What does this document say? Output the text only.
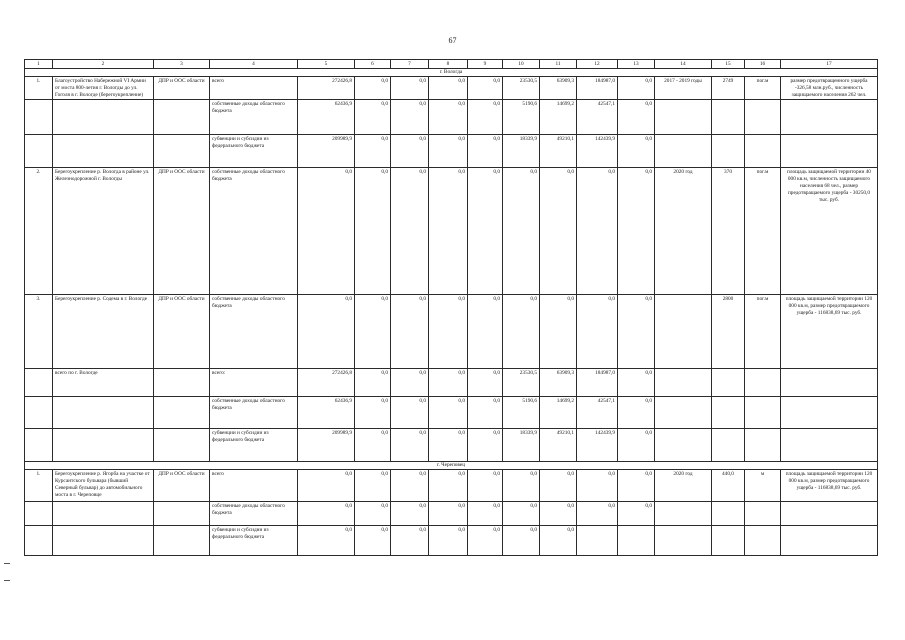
67
1	2	3	4	5	6	7	8	9	10	11	12	13	14	15	16	17
г. Вологда																
1.	Благоустройство Набережной VI Армии от моста 800-летия г. Вологды до ул. Гоголя в г. Вологде (берегоукрепление)	ДПР и ООС области	всего	272426,8	0,0	0,0	0,0	0,0	23530,5	63909,3	184987,0	0,0	2017 - 2019 годы	2749	пог.м	размер предотвращенного ущерба -326,58 млн.руб., численность защищаемого населения 262 чел.
			собственные доходы областного бюджета	62436,9	0,0	0,0	0,0	0,0	5190,6	14699,2	42547,1	0,0				
			субвенции и субсидии из федерального бюджета	209989,9	0,0	0,0	0,0	0,0	18339,9	49210,1	142439,9	0,0				
2.	Берегоукрепление р. Вологда в районе ул. Железнодорожной г. Вологды	ДПР и ООС области	собственные доходы областного бюджета	0,0	0,0	0,0	0,0	0,0	0,0	0,0	0,0	0,0	2020 год	370	пог.м	площадь защищаемой территории 40 000 кв.м, численность защищаемого населения 68 чел., размер предотвращаемого ущерба - 30250,0 тыс. руб.
3.	Берегоукрепление р. Содема в г. Вологде	ДПР и ООС области	собственные доходы областного бюджета	0,0	0,0	0,0	0,0	0,0	0,0	0,0	0,0	0,0		2800	пог.м	площадь защищаемой территории 120 000 кв.м, размер предотвращаемого ущерба - 116838,69 тыс. руб.
	всего по г. Вологде		всего:	272426,8	0,0	0,0	0,0	0,0	23530,5	63909,3	184987,0	0,0				
			собственные доходы областного бюджета	62436,9	0,0	0,0	0,0	0,0	5190,6	14699,2	42547,1	0,0				
			субвенции и субсидии из федерального бюджета	209989,9	0,0	0,0	0,0	0,0	18339,9	49210,1	142439,9	0,0				
г. Череповец																
1.	Берегоукрепление р. Ягорба на участке от Курсантского бульвара (бывший Северный бульвар) до автомобильного моста в г. Череповце	ДПР и ООС области	всего	0,0	0,0	0,0	0,0	0,0	0,0	0,0	0,0	0,0	2020 год	440,0	м	площадь защищаемой территории 120 000 кв.м, размер предотвращаемого ущерба - 116838,69 тыс. руб.
			собственные доходы областного бюджета	0,0	0,0	0,0	0,0	0,0	0,0	0,0	0,0	0,0				
			субвенции и субсидии из федерального бюджета	0,0	0,0	0,0	0,0	0,0	0,0	0,0						
